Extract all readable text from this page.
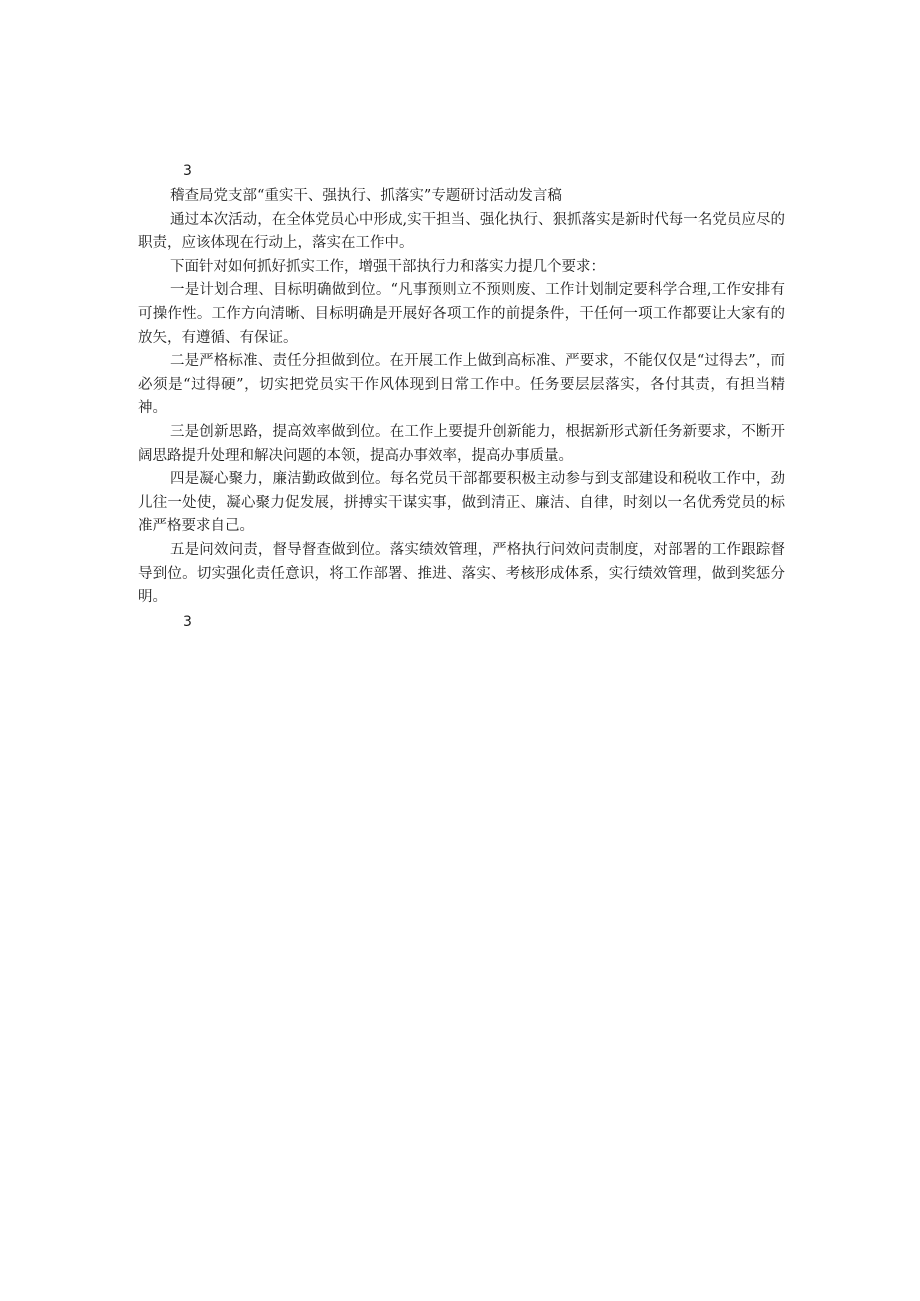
3

稽查局党支部“重实干、强执行、抓落实”专题研讨活动发言稿

通过本次活动，在全体党员心中形成,实干担当、强化执行、狠抓落实是新时代每一名党员应尽的职责，应该体现在行动上，落实在工作中。

下面针对如何抓好抓实工作，增强干部执行力和落实力提几个要求：

一是计划合理、目标明确做到位。“凡事预则立不预则废、工作计划制定要科学合理,工作安排有可操作性。工作方向清晰、目标明确是开展好各项工作的前提条件，干任何一项工作都要让大家有的放矢，有遵循、有保证。

二是严格标准、责任分担做到位。在开展工作上做到高标准、严要求，不能仅仅是“过得去”，而必须是“过得硬”，切实把党员实干作风体现到日常工作中。任务要层层落实，各付其责，有担当精神。

三是创新思路，提高效率做到位。在工作上要提升创新能力，根据新形式新任务新要求，不断开阔思路提升处理和解决问题的本领，提高办事效率，提高办事质量。

四是凝心聚力，廉洁勤政做到位。每名党员干部都要积极主动参与到支部建设和税收工作中，劲儿往一处使，凝心聚力促发展，拼搏实干谋实事，做到清正、廉洁、自律，时刻以一名优秀党员的标准严格要求自己。

五是问效问责，督导督查做到位。落实绩效管理，严格执行问效问责制度，对部署的工作跟踪督导到位。切实强化责任意识，将工作部署、推进、落实、考核形成体系，实行绩效管理，做到奖惩分明。

3
